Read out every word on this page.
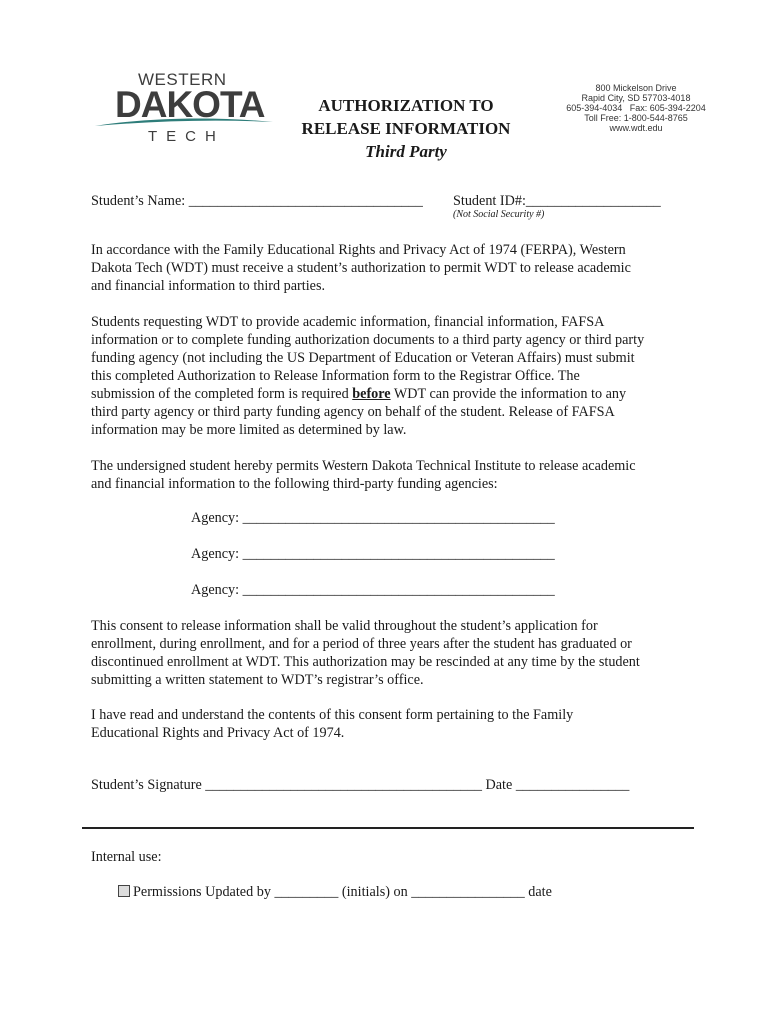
WESTERN
DAKOTA
TECH
AUTHORIZATION TO
RELEASE INFORMATION
Third Party
800 Mickelson Drive
Rapid City, SD 57703-4018
605-394-4034   Fax: 605-394-2204
Toll Free: 1-800-544-8765
www.wdt.edu
Student’s Name: _________________________________ Student ID#:___________________
(Not Social Security #)

In accordance with the Family Educational Rights and Privacy Act of 1974 (FERPA), Western

Dakota Tech (WDT) must receive a student’s authorization to permit WDT to release academic

and financial information to third parties.

Students requesting WDT to provide academic information, financial information, FAFSA

information or to complete funding authorization documents to a third party agency or third party

funding agency (not including the US Department of Education or Veteran Affairs) must submit

this completed Authorization to Release Information form to the Registrar Office. The

submission of the completed form is required before WDT can provide the information to any

third party agency or third party funding agency on behalf of the student. Release of FAFSA

information may be more limited as determined by law.

The undersigned student hereby permits Western Dakota Technical Institute to release academic

and financial information to the following third-party funding agencies:

Agency: ____________________________________________
Agency: ____________________________________________
Agency: ____________________________________________

This consent to release information shall be valid throughout the student’s application for

enrollment, during enrollment, and for a period of three years after the student has graduated or

discontinued enrollment at WDT. This authorization may be rescinded at any time by the student

submitting a written statement to WDT’s registrar’s office.

I have read and understand the contents of this consent form pertaining to the Family

Educational Rights and Privacy Act of 1974.

Student’s Signature _______________________________________ Date ________________
Internal use:
Permissions Updated by _________ (initials) on ________________ date
